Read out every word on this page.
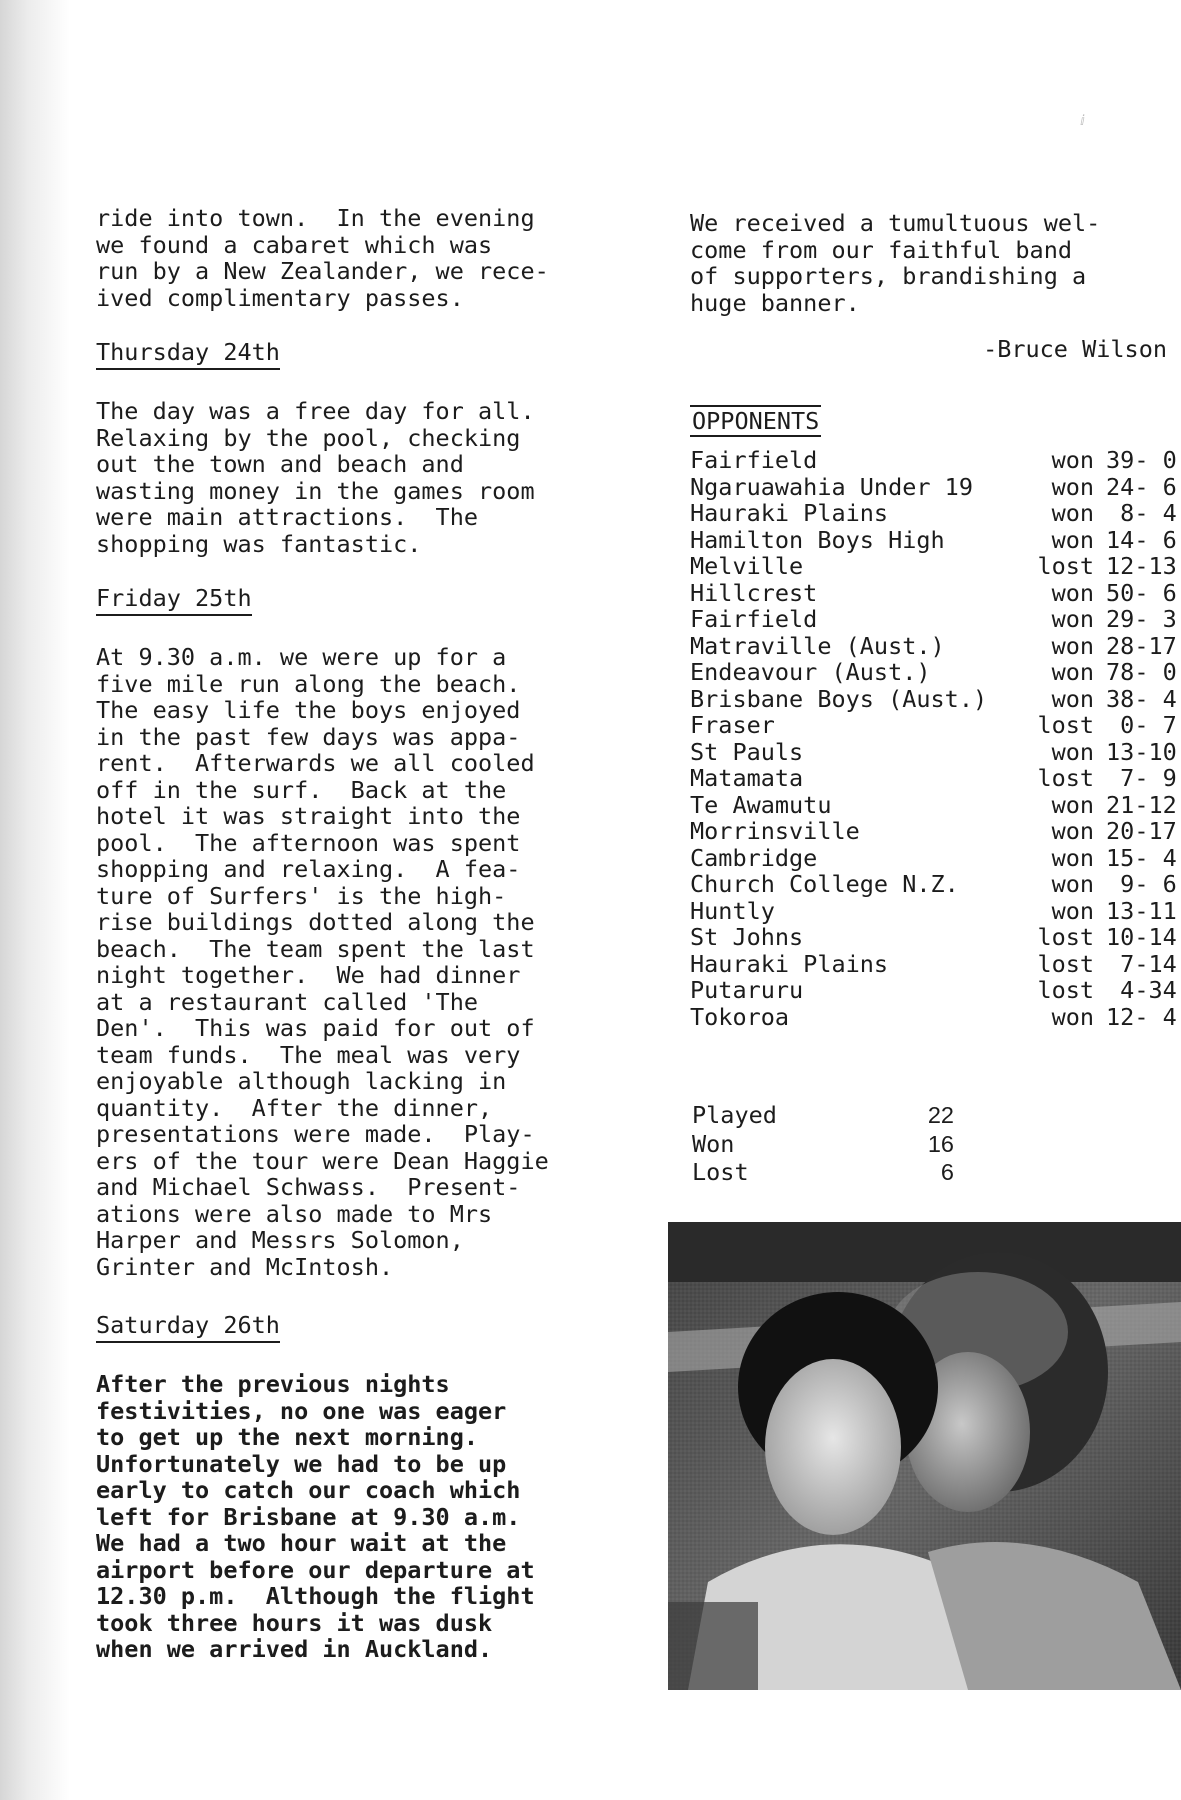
ⅈ

ride into town.  In the evening
we found a cabaret which was
run by a New Zealander, we rece-
ived complimentary passes.

Thursday 24th

The day was a free day for all.
Relaxing by the pool, checking
out the town and beach and
wasting money in the games room
were main attractions.  The
shopping was fantastic.

Friday 25th

At 9.30 a.m. we were up for a
five mile run along the beach.
The easy life the boys enjoyed
in the past few days was appa-
rent.  Afterwards we all cooled
off in the surf.  Back at the
hotel it was straight into the
pool.  The afternoon was spent
shopping and relaxing.  A fea-
ture of Surfers' is the high-
rise buildings dotted along the
beach.  The team spent the last
night together.  We had dinner
at a restaurant called 'The
Den'.  This was paid for out of
team funds.  The meal was very
enjoyable although lacking in
quantity.  After the dinner,
presentations were made.  Play-
ers of the tour were Dean Haggie
and Michael Schwass.  Present-
ations were also made to Mrs
Harper and Messrs Solomon,
Grinter and McIntosh.

Saturday 26th

After the previous nights
festivities, no one was eager
to get up the next morning.
Unfortunately we had to be up
early to catch our coach which
left for Brisbane at 9.30 a.m.
We had a two hour wait at the
airport before our departure at
12.30 p.m.  Although the flight
took three hours it was dusk
when we arrived in Auckland.

We received a tumultuous wel-
come from our faithful band
of supporters, brandishing a
huge banner.

-Bruce Wilson
OPPONENTS
Fairfield	won	39- 0
Ngaruawahia Under 19	won	24- 6
Hauraki Plains	won	8- 4
Hamilton Boys High	won	14- 6
Melville	lost	12-13
Hillcrest	won	50- 6
Fairfield	won	29- 3
Matraville (Aust.)	won	28-17
Endeavour (Aust.)	won	78- 0
Brisbane Boys (Aust.)	won	38- 4
Fraser	lost	0- 7
St Pauls	won	13-10
Matamata	lost	7- 9
Te Awamutu	won	21-12
Morrinsville	won	20-17
Cambridge	won	15- 4
Church College N.Z.	won	9- 6
Huntly	won	13-11
St Johns	lost	10-14
Hauraki Plains	lost	7-14
Putaruru	lost	4-34
Tokoroa	won	12- 4
Played	22
Won	16
Lost	6
